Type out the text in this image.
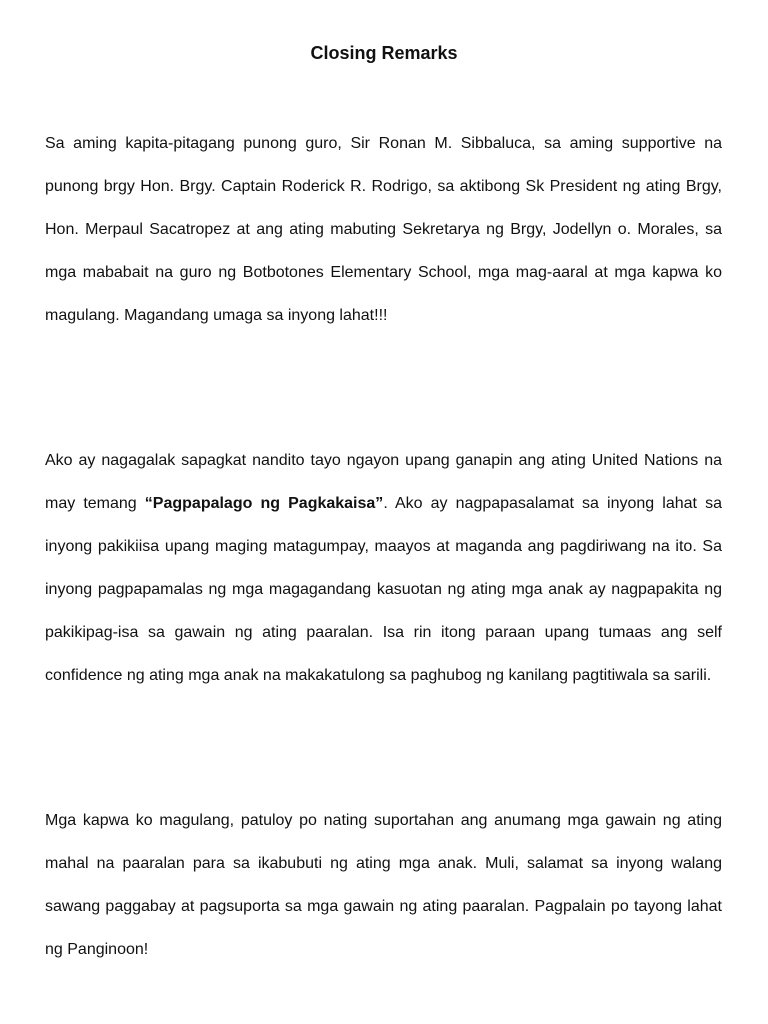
Closing Remarks

Sa aming kapita-pitagang punong guro, Sir Ronan M. Sibbaluca, sa aming supportive na punong brgy Hon. Brgy. Captain Roderick R. Rodrigo, sa aktibong Sk President ng ating Brgy, Hon. Merpaul Sacatropez at ang ating mabuting Sekretarya ng Brgy, Jodellyn o. Morales, sa mga mababait na guro ng Botbotones Elementary School, mga mag-aaral at mga kapwa ko magulang. Magandang umaga sa inyong lahat!!!

Ako ay nagagalak sapagkat nandito tayo ngayon upang ganapin ang ating United Nations na may temang “Pagpapalago ng Pagkakaisa”. Ako ay nagpapasalamat sa inyong lahat sa inyong pakikiisa upang maging matagumpay, maayos at maganda ang pagdiriwang na ito. Sa inyong pagpapamalas ng mga magagandang kasuotan ng ating mga anak ay nagpapakita ng pakikipag-isa sa gawain ng ating paaralan. Isa rin itong paraan upang tumaas ang self confidence ng ating mga anak na makakatulong sa paghubog ng kanilang pagtitiwala sa sarili.

Mga kapwa ko magulang, patuloy po nating suportahan ang anumang mga gawain ng ating mahal na paaralan para sa ikabubuti ng ating mga anak. Muli, salamat sa inyong walang sawang paggabay at pagsuporta sa mga gawain ng ating paaralan. Pagpalain po tayong lahat ng Panginoon!
